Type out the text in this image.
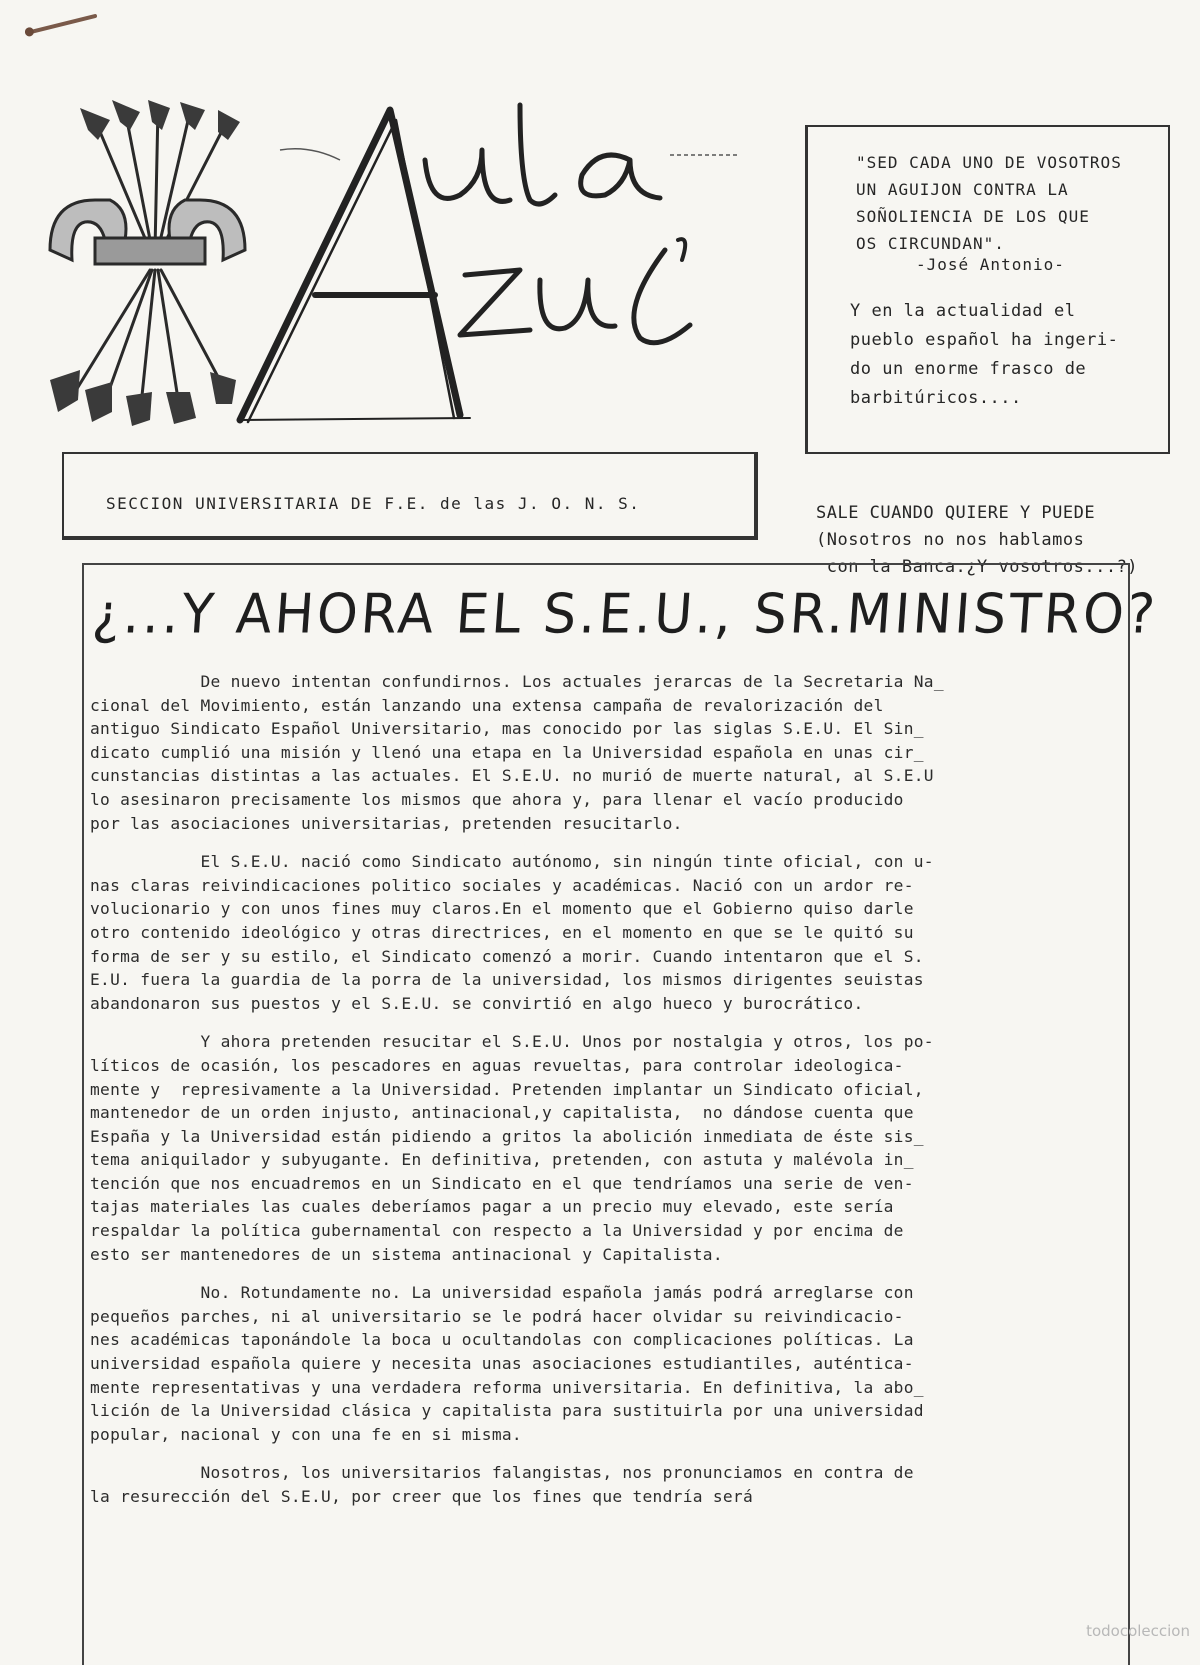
"SED CADA UNO DE VOSOTROS
UN AGUIJON CONTRA LA
SOÑOLIENCIA DE LOS QUE
OS CIRCUNDAN".
-José Antonio-
Y en la actualidad el
pueblo español ha ingeri-
do un enorme frasco de
barbitúricos....
SECCION UNIVERSITARIA DE F.E. de las J. O. N. S.	SALE CUANDO QUIERE Y PUEDE
(Nosotros no nos hablamos
con la Banca.¿Y vosotros...?)
¿...Y AHORA EL S.E.U., SR.MINISTRO?

De nuevo intentan confundirnos. Los actuales jerarcas de la Secretaria Na_
cional del Movimiento, están lanzando una extensa campaña de revalorización del
antiguo Sindicato Español Universitario, mas conocido por las siglas S.E.U. El Sin_
dicato cumplió una misión y llenó una etapa en la Universidad española en unas cir_
cunstancias distintas a las actuales. El S.E.U. no murió de muerte natural, al S.E.U
lo asesinaron precisamente los mismos que ahora y, para llenar el vacío producido
por las asociaciones universitarias, pretenden resucitarlo.

El S.E.U. nació como Sindicato autónomo, sin ningún tinte oficial, con u-
nas claras reivindicaciones politico sociales y académicas. Nació con un ardor re-
volucionario y con unos fines muy claros.En el momento que el Gobierno quiso darle
otro contenido ideológico y otras directrices, en el momento en que se le quitó su
forma de ser y su estilo, el Sindicato comenzó a morir. Cuando intentaron que el S.
E.U. fuera la guardia de la porra de la universidad, los mismos dirigentes seuistas
abandonaron sus puestos y el S.E.U. se convirtió en algo hueco y burocrático.

Y ahora pretenden resucitar el S.E.U. Unos por nostalgia y otros, los po-
líticos de ocasión, los pescadores en aguas revueltas, para controlar ideologica-
mente y  represivamente a la Universidad. Pretenden implantar un Sindicato oficial,
mantenedor de un orden injusto, antinacional,y capitalista,  no dándose cuenta que
España y la Universidad están pidiendo a gritos la abolición inmediata de éste sis_
tema aniquilador y subyugante. En definitiva, pretenden, con astuta y malévola in_
tención que nos encuadremos en un Sindicato en el que tendríamos una serie de ven-
tajas materiales las cuales deberíamos pagar a un precio muy elevado, este sería
respaldar la política gubernamental con respecto a la Universidad y por encima de
esto ser mantenedores de un sistema antinacional y Capitalista.

No. Rotundamente no. La universidad española jamás podrá arreglarse con
pequeños parches, ni al universitario se le podrá hacer olvidar su reivindicacio-
nes académicas taponándole la boca u ocultandolas con complicaciones políticas. La
universidad española quiere y necesita unas asociaciones estudiantiles, auténtica-
mente representativas y una verdadera reforma universitaria. En definitiva, la abo_
lición de la Universidad clásica y capitalista para sustituirla por una universidad
popular, nacional y con una fe en si misma.

Nosotros, los universitarios falangistas, nos pronunciamos en contra de
la resurección del S.E.U, por creer que los fines que tendría será

todocoleccion
